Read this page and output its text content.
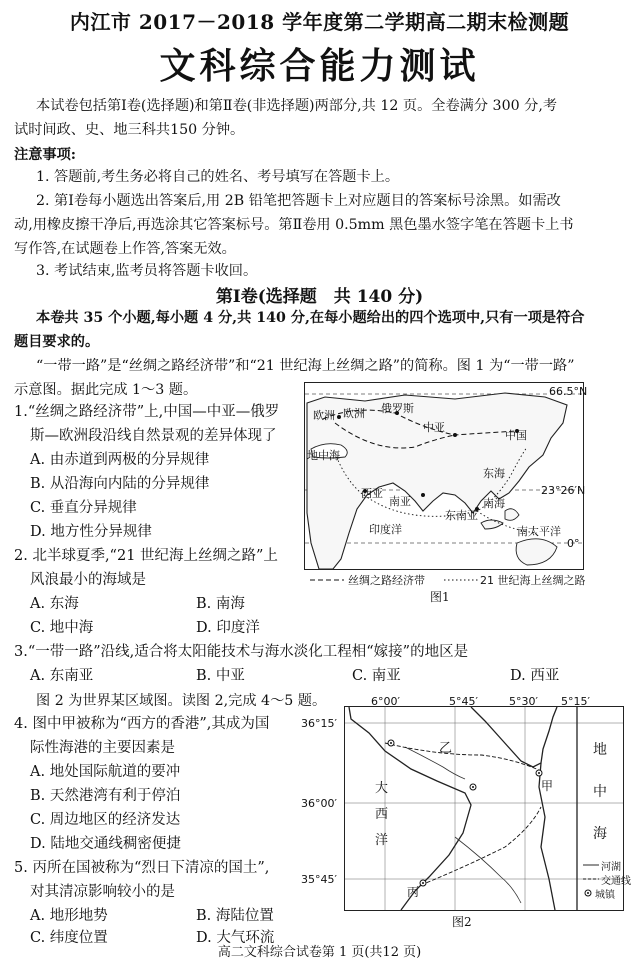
内江市 2017－2018 学年度第二学期高二期末检测题
文科综合能力测试
本试卷包括第Ⅰ卷(选择题)和第Ⅱ卷(非选择题)两部分,共 12 页。全卷满分 300 分,考
试时间政、史、地三科共150 分钟。
注意事项:
1. 答题前,考生务必将自己的姓名、考号填写在答题卡上。
2. 第Ⅰ卷每小题选出答案后,用 2B 铅笔把答题卡上对应题目的答案标号涂黑。如需改
动,用橡皮擦干净后,再选涂其它答案标号。第Ⅱ卷用 0.5mm 黑色墨水签字笔在答题卡上书
写作答,在试题卷上作答,答案无效。
3. 考试结束,监考员将答题卡收回。
第Ⅰ卷(选择题　共 140 分)
本卷共 35 个小题,每小题 4 分,共 140 分,在每小题给出的四个选项中,只有一项是符合
题目要求的。
“一带一路”是“丝绸之路经济带”和“21 世纪海上丝绸之路”的简称。图 1 为“一带一路”
示意图。据此完成 1～3 题。
1.“丝绸之路经济带”上,中国—中亚—俄罗
斯—欧洲段沿线自然景观的差异体现了
A. 由赤道到两极的分异规律
B. 从沿海向内陆的分异规律
C. 垂直分异规律
D. 地方性分异规律
2. 北半球夏季,“21 世纪海上丝绸之路”上
风浪最小的海域是
A. 东海	B. 南海
C. 地中海	D. 印度洋
3.“一带一路”沿线,适合将太阳能技术与海水淡化工程相“嫁接”的地区是
A. 东南亚	B. 中亚	C. 南亚	D. 西亚
图 2 为世界某区域图。读图 2,完成 4～5 题。
4. 图中甲被称为“西方的香港”,其成为国
际性海港的主要因素是
A. 地处国际航道的要冲
B. 天然港湾有利于停泊
C. 周边地区的经济发达
D. 陆地交通线稠密便捷
5. 丙所在国被称为“烈日下清凉的国土”,
对其清凉影响较小的是
A. 地形地势	B. 海陆位置
C. 纬度位置	D. 大气环流
66.5°N
23°26′N
0°
欧洲 欧洲 俄罗斯
中亚
中国
地中海
西亚
南亚
东南亚
南海
东海
印度洋	南太平洋
丝绸之路经济带	21 世纪海上丝绸之路
图1
6°00′	5°45′	5°30′ 5°15′
36°15′
36°00′
35°45′
乙
甲
丙
大
西
洋
地
中
海
河湖
交通线
城镇
图2
高二文科综合试卷第 1 页(共12 页)
